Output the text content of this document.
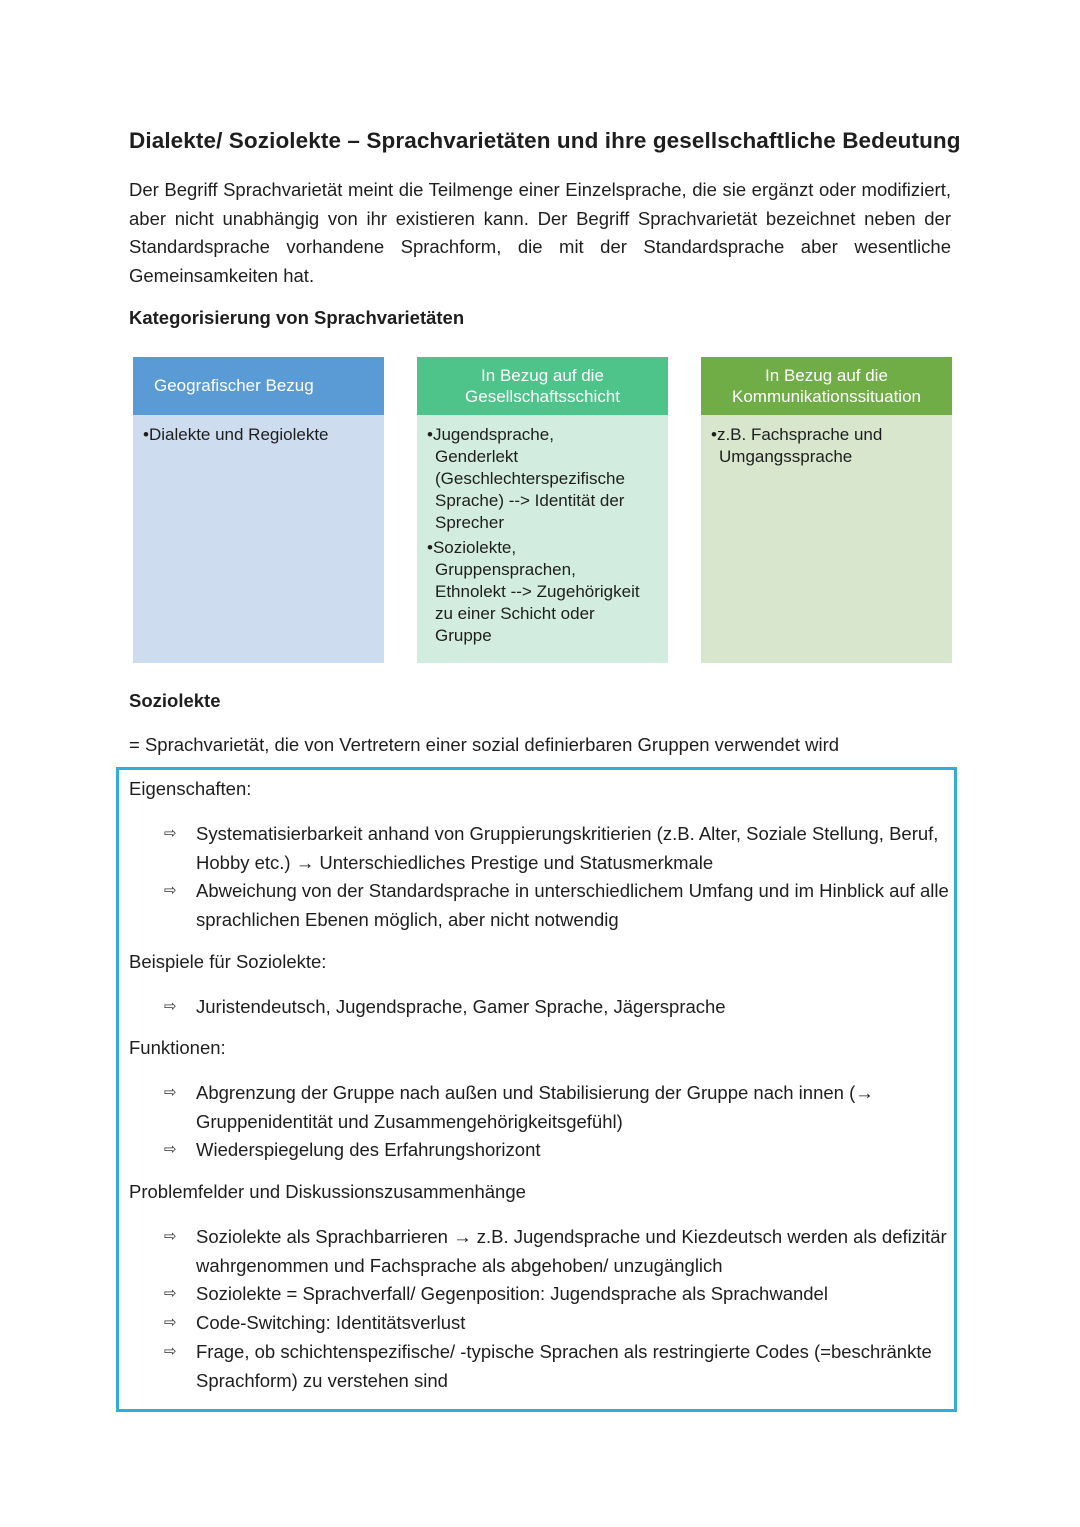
Dialekte/ Soziolekte – Sprachvarietäten und ihre gesellschaftliche Bedeutung

Der Begriff Sprachvarietät meint die Teilmenge einer Einzelsprache, die sie ergänzt oder modifiziert, aber nicht unabhängig von ihr existieren kann. Der Begriff Sprachvarietät bezeichnet neben der Standardsprache vorhandene Sprachform, die mit der Standardsprache aber wesentliche Gemeinsamkeiten hat.

Kategorisierung von Sprachvarietäten

Geografischer Bezug
•Dialekte und Regiolekte
In Bezug auf die
Gesellschaftsschicht
•Jugendsprache,
Genderlekt
(Geschlechterspezifische
Sprache) --> Identität der
Sprecher
•Soziolekte,
Gruppensprachen,
Ethnolekt --> Zugehörigkeit
zu einer Schicht oder
Gruppe
In Bezug auf die
Kommunikationssituation
•z.B. Fachsprache und
Umgangssprache

Soziolekte

= Sprachvarietät, die von Vertretern einer sozial definierbaren Gruppen verwendet wird

Eigenschaften:

⇨ Systematisierbarkeit anhand von Gruppierungskritierien (z.B. Alter, Soziale Stellung, Beruf, Hobby etc.) → Unterschiedliches Prestige und Statusmerkmale
⇨ Abweichung von der Standardsprache in unterschiedlichem Umfang und im Hinblick auf alle sprachlichen Ebenen möglich, aber nicht notwendig

Beispiele für Soziolekte:

⇨ Juristendeutsch, Jugendsprache, Gamer Sprache, Jägersprache

Funktionen:

⇨ Abgrenzung der Gruppe nach außen und Stabilisierung der Gruppe nach innen (→ Gruppenidentität und Zusammengehörigkeitsgefühl)
⇨ Wiederspiegelung des Erfahrungshorizont

Problemfelder und Diskussionszusammenhänge

⇨ Soziolekte als Sprachbarrieren → z.B. Jugendsprache und Kiezdeutsch werden als defizitär wahrgenommen und Fachsprache als abgehoben/ unzugänglich
⇨ Soziolekte = Sprachverfall/ Gegenposition: Jugendsprache als Sprachwandel
⇨ Code-Switching: Identitätsverlust
⇨ Frage, ob schichtenspezifische/ -typische Sprachen als restringierte Codes (=beschränkte Sprachform) zu verstehen sind
